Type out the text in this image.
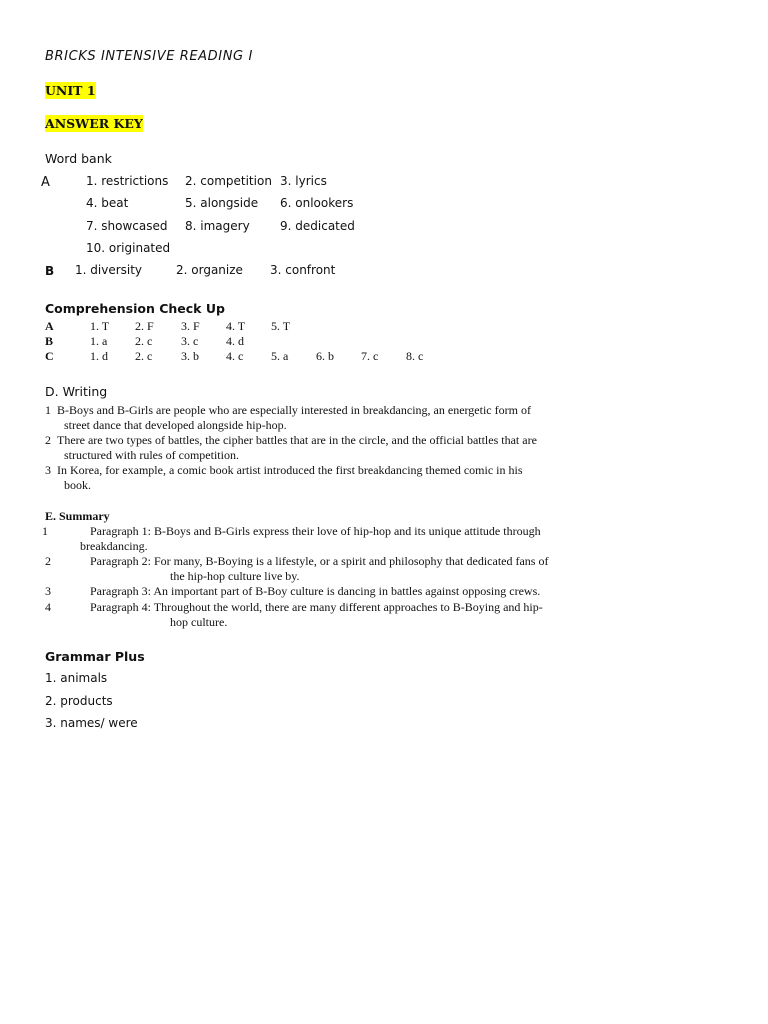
BRICKS INTENSIVE READING I
UNIT 1
ANSWER KEY
Word bank
A	1. restrictions 2. competition 3. lyrics
4. beat	5. alongside 6. onlookers
7. showcased 8. imagery	9. dedicated
10. originated
B 1. diversity	2. organize 3. confront
Comprehension Check Up
A	1. T 2. F 3. F 4. T 5. T
B	1. a 2. c 3. c 4. d
C	1. d 2. c 3. b 4. c 5. a 6. b 7. c 8. c
D. Writing
1 B-Boys and B-Girls are people who are especially interested in breakdancing, an energetic form of
street dance that developed alongside hip-hop.
2 There are two types of battles, the cipher battles that are in the circle, and the official battles that are
structured with rules of competition.
3 In Korea, for example, a comic book artist introduced the first breakdancing themed comic in his
book.
E. Summary
1	Paragraph 1: B-Boys and B-Girls express their love of hip-hop and its unique attitude through
breakdancing.
2	Paragraph 2: For many, B-Boying is a lifestyle, or a spirit and philosophy that dedicated fans of
the hip-hop culture live by.
3	Paragraph 3: An important part of B-Boy culture is dancing in battles against opposing crews.
4	Paragraph 4: Throughout the world, there are many different approaches to B-Boying and hip-
hop culture.
Grammar Plus
1. animals
2. products
3. names/ were
